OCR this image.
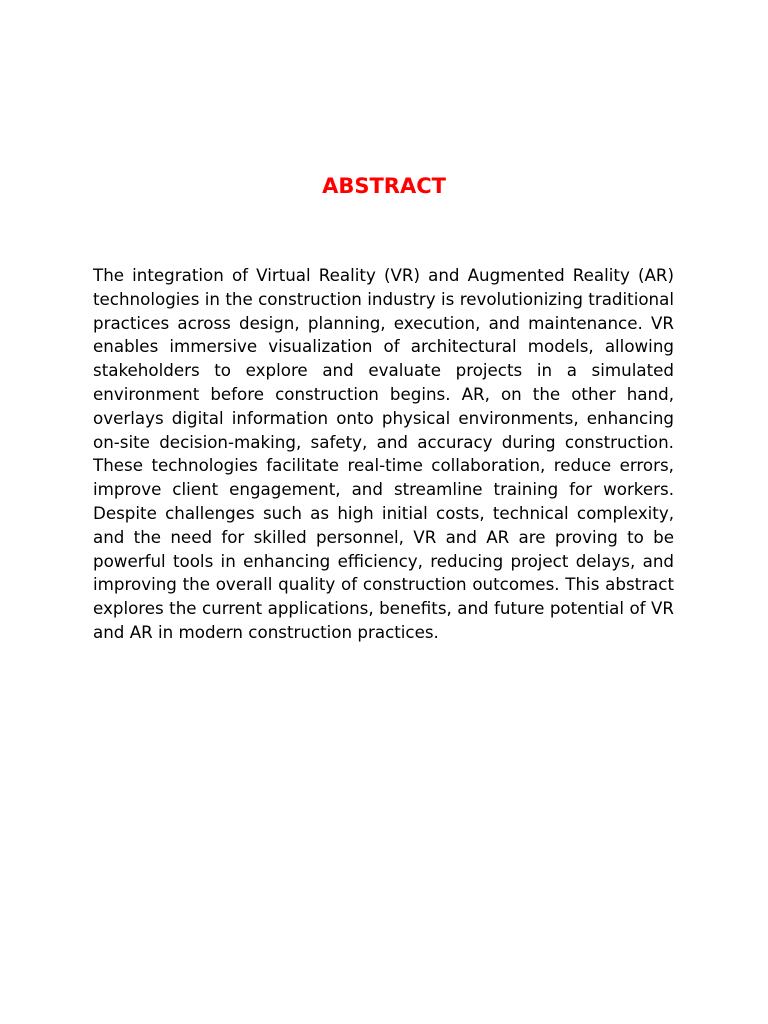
ABSTRACT

The integration of Virtual Reality (VR) and Augmented Reality (AR) technologies in the construction industry is revolutionizing traditional practices across design, planning, execution, and maintenance. VR enables immersive visualization of architectural models, allowing stakeholders to explore and evaluate projects in a simulated environment before construction begins. AR, on the other hand, overlays digital information onto physical environments, enhancing on-site decision-making, safety, and accuracy during construction. These technologies facilitate real-time collaboration, reduce errors, improve client engagement, and streamline training for workers. Despite challenges such as high initial costs, technical complexity, and the need for skilled personnel, VR and AR are proving to be powerful tools in enhancing efficiency, reducing project delays, and improving the overall quality of construction outcomes. This abstract explores the current applications, benefits, and future potential of VR and AR in modern construction practices.
